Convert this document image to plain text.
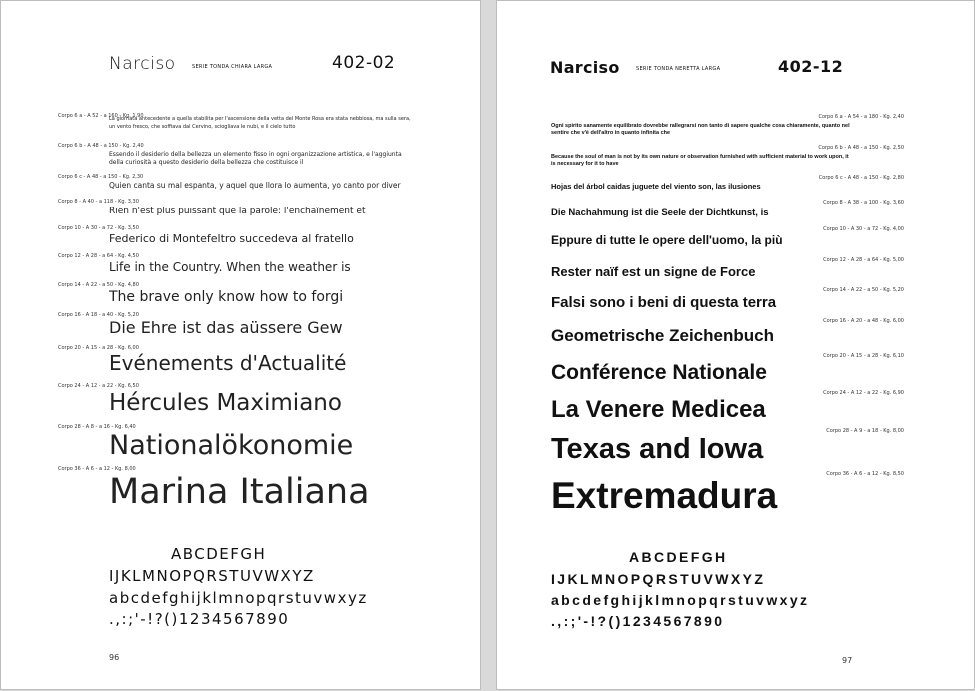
Narciso	SERIE TONDA CHIARA LARGA	402-02
Corpo 6 a - A 52 - a 160 - Kg. 1,90
La giornata antecedente a quella stabilita per l'ascensione della vetta del Monte Rosa era stata nebbiosa, ma sulla sera, un vento fresco, che soffiava dal Cervino, sciogliava le nubi, e il cielo tutto
Corpo 6 b - A 48 - a 150 - Kg. 2,40
Essendo il desiderio della bellezza un elemento fisso in ogni organizzazione artistica, e l'aggiunta della curiosità a questo desiderio della bellezza che costituisce il
Corpo 6 c - A 48 - a 150 - Kg. 2,30
Quien canta su mal espanta, y aquel que llora lo aumenta, yo canto por diver
Corpo 8 - A 40 - a 118 - Kg. 3,30
Rien n'est plus puissant que la parole: l'enchaînement et
Corpo 10 - A 30 - a 72 - Kg. 3,50
Federico di Montefeltro succedeva al fratello
Corpo 12 - A 28 - a 64 - Kg. 4,50
Life in the Country. When the weather is
Corpo 14 - A 22 - a 50 - Kg. 4,80
The brave only know how to forgi
Corpo 16 - A 18 - a 40 - Kg. 5,20
Die Ehre ist das aüssere Gew
Corpo 20 - A 15 - a 28 - Kg. 6,00
Evénements d'Actualité
Corpo 24 - A 12 - a 22 - Kg. 6,50
Hércules Maximiano
Corpo 28 - A 8 - a 16 - Kg. 6,40
Nationalökonomie
Corpo 36 - A 6 - a 12 - Kg. 8,00
Marina Italiana
ABCDEFGH
IJKLMNOPQRSTUVWXYZ
abcdefghijklmnopqrstuvwxyz
.,:;'-!?()1234567890
96
Narciso	SERIE TONDA NERETTA LARGA	402-12
Corpo 6 a - A 54 - a 180 - Kg. 2,40
Ogni spirito sanamente equilibrato dovrebbe rallegrarsi non tanto di sapere qualche cosa chiaramente, quanto nel sentire che v'è dell'altro in quanto infinita che
Corpo 6 b - A 48 - a 150 - Kg. 2,50
Because the soul of man is not by its own nature or observation furnished with sufficient material to work upon, it is necessary for it to have
Corpo 6 c - A 48 - a 150 - Kg. 2,80
Hojas del árbol caidas juguete del viento son, las ilusiones
Corpo 8 - A 38 - a 100 - Kg. 3,60
Die Nachahmung ist die Seele der Dichtkunst, is
Corpo 10 - A 30 - a 72 - Kg. 4,00
Eppure di tutte le opere dell'uomo, la più
Corpo 12 - A 28 - a 64 - Kg. 5,00
Rester naïf est un signe de Force
Corpo 14 - A 22 - a 50 - Kg. 5,20
Falsi sono i beni di questa terra
Corpo 16 - A 20 - a 48 - Kg. 6,00
Geometrische Zeichenbuch
Corpo 20 - A 15 - a 28 - Kg. 6,10
Conférence Nationale
Corpo 24 - A 12 - a 22 - Kg. 6,90
La Venere Medicea
Corpo 28 - A 9 - a 18 - Kg. 8,00
Texas and Iowa
Corpo 36 - A 6 - a 12 - Kg. 8,50
Extremadura
ABCDEFGH
IJKLMNOPQRSTUVWXYZ
abcdefghijklmnopqrstuvwxyz
.,:;'-!?()1234567890
97
